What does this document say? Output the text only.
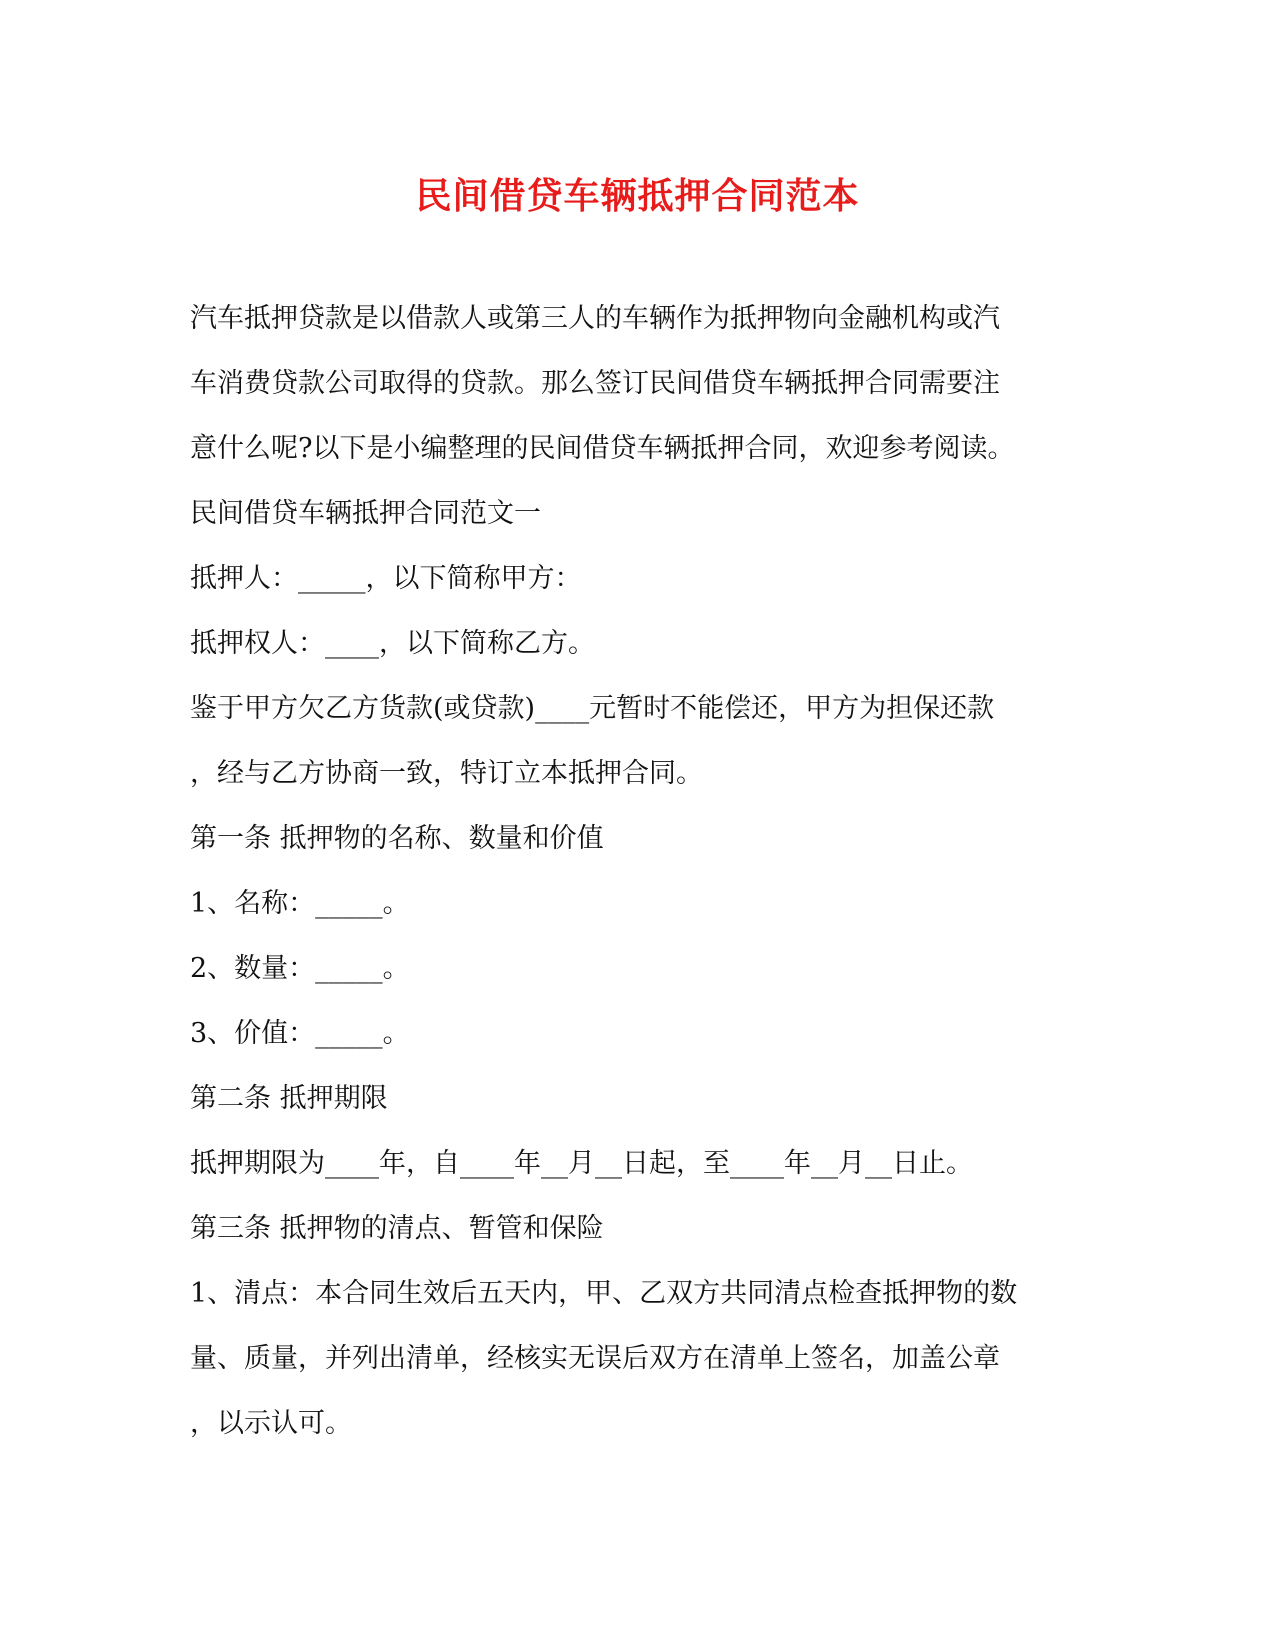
民间借贷车辆抵押合同范本
汽车抵押贷款是以借款人或第三人的车辆作为抵押物向金融机构或汽
车消费贷款公司取得的贷款。那么签订民间借贷车辆抵押合同需要注
意什么呢?以下是小编整理的民间借贷车辆抵押合同，欢迎参考阅读。
民间借贷车辆抵押合同范文一
抵押人：_____，以下简称甲方：
抵押权人：____，以下简称乙方。
鉴于甲方欠乙方货款(或贷款)____元暂时不能偿还，甲方为担保还款
，经与乙方协商一致，特订立本抵押合同。
第一条 抵押物的名称、数量和价值
1、名称：_____。
2、数量：_____。
3、价值：_____。
第二条 抵押期限
抵押期限为____年，自____年__月__日起，至____年__月__日止。
第三条 抵押物的清点、暂管和保险
1、清点：本合同生效后五天内，甲、乙双方共同清点检查抵押物的数
量、质量，并列出清单，经核实无误后双方在清单上签名，加盖公章
，以示认可。
